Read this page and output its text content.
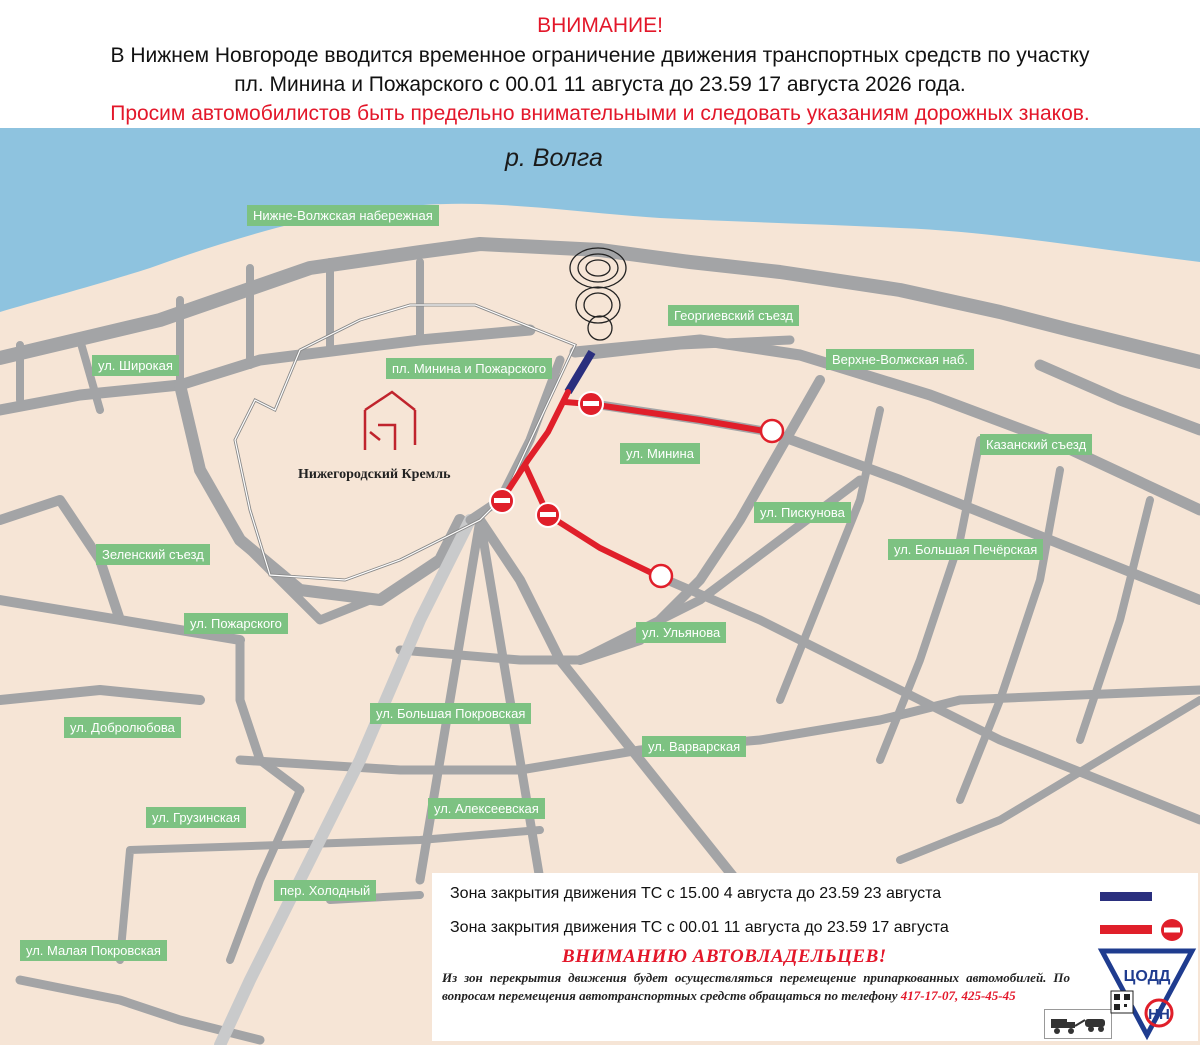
ВНИМАНИЕ!
В Нижнем Новгороде вводится временное ограничение движения транспортных средств по участку
пл. Минина и Пожарского с 00.01 11 августа до 23.59 17 августа 2026 года.
Просим автомобилистов быть предельно внимательными и следовать указаниям дорожных знаков.
р. Волга
Нижегородский Кремль
Нижне-Волжская набережная
Георгиевский съезд
Верхне-Волжская наб.
Казанский съезд
ул. Широкая	пл. Минина и Пожарского
ул. Минина
ул. Пискунова
ул. Большая Печёрская
Зеленский съезд
ул. Пожарского
ул. Ульянова
ул. Большая Покровская
ул. Добролюбова
ул. Варварская
ул. Алексеевская
ул. Грузинская
пер. Холодный
ул. Малая Покровская
Зона закрытия движения ТС с 15.00 4 августа до 23.59 23 августа
Зона закрытия движения ТС с 00.01 11 августа до 23.59 17 августа
ВНИМАНИЮ АВТОВЛАДЕЛЬЦЕВ!
Из зон перекрытия движения будет осуществляться перемещение припаркованных автомобилей. По вопросам перемещения автотранспортных средств обращаться по телефону 417-17-07, 425-45-45
ЦОДД
НН
